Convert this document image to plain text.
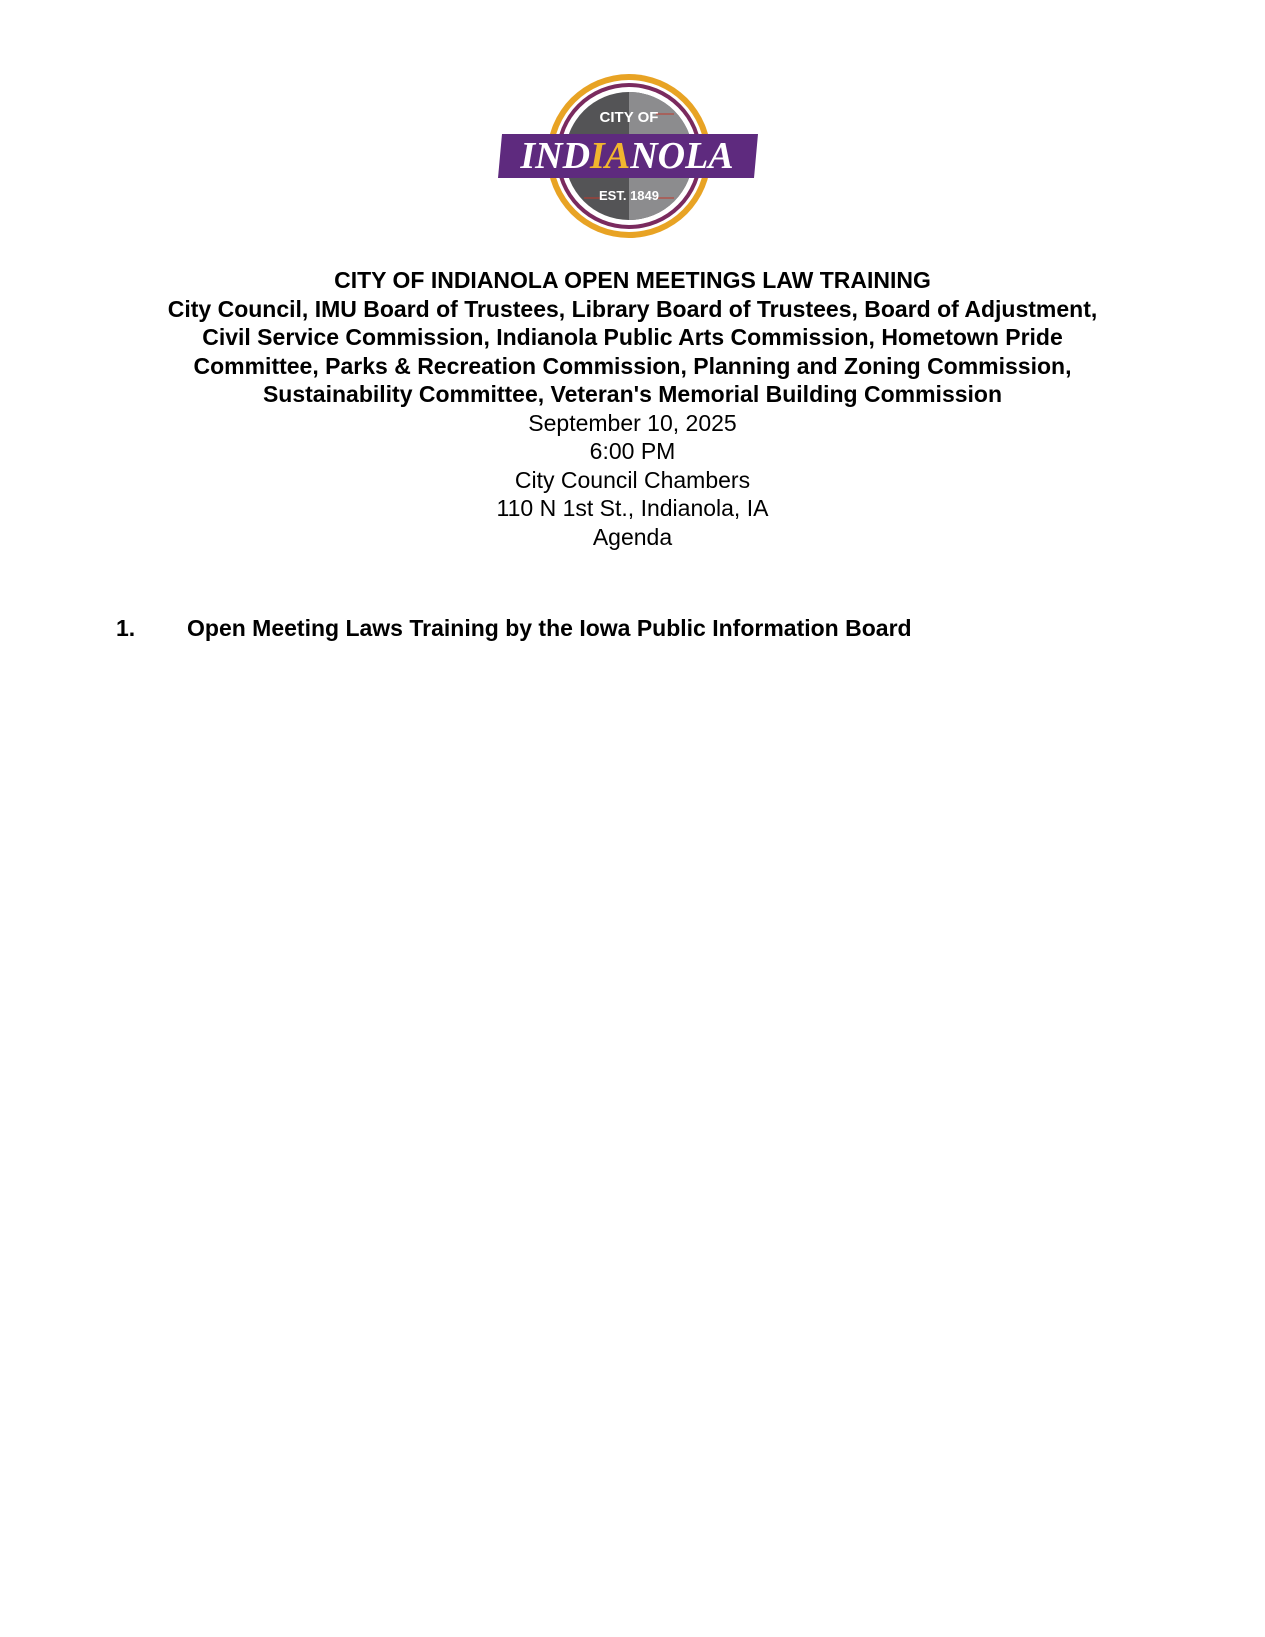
CITY OF
INDIANOLA
EST. 1849
CITY OF INDIANOLA OPEN MEETINGS LAW TRAINING
City Council, IMU Board of Trustees, Library Board of Trustees, Board of Adjustment,
Civil Service Commission, Indianola Public Arts Commission, Hometown Pride
Committee, Parks & Recreation Commission, Planning and Zoning Commission,
Sustainability Committee, Veteran's Memorial Building Commission
September 10, 2025
6:00 PM
City Council Chambers
110 N 1st St., Indianola, IA
Agenda
1.	Open Meeting Laws Training by the Iowa Public Information Board
